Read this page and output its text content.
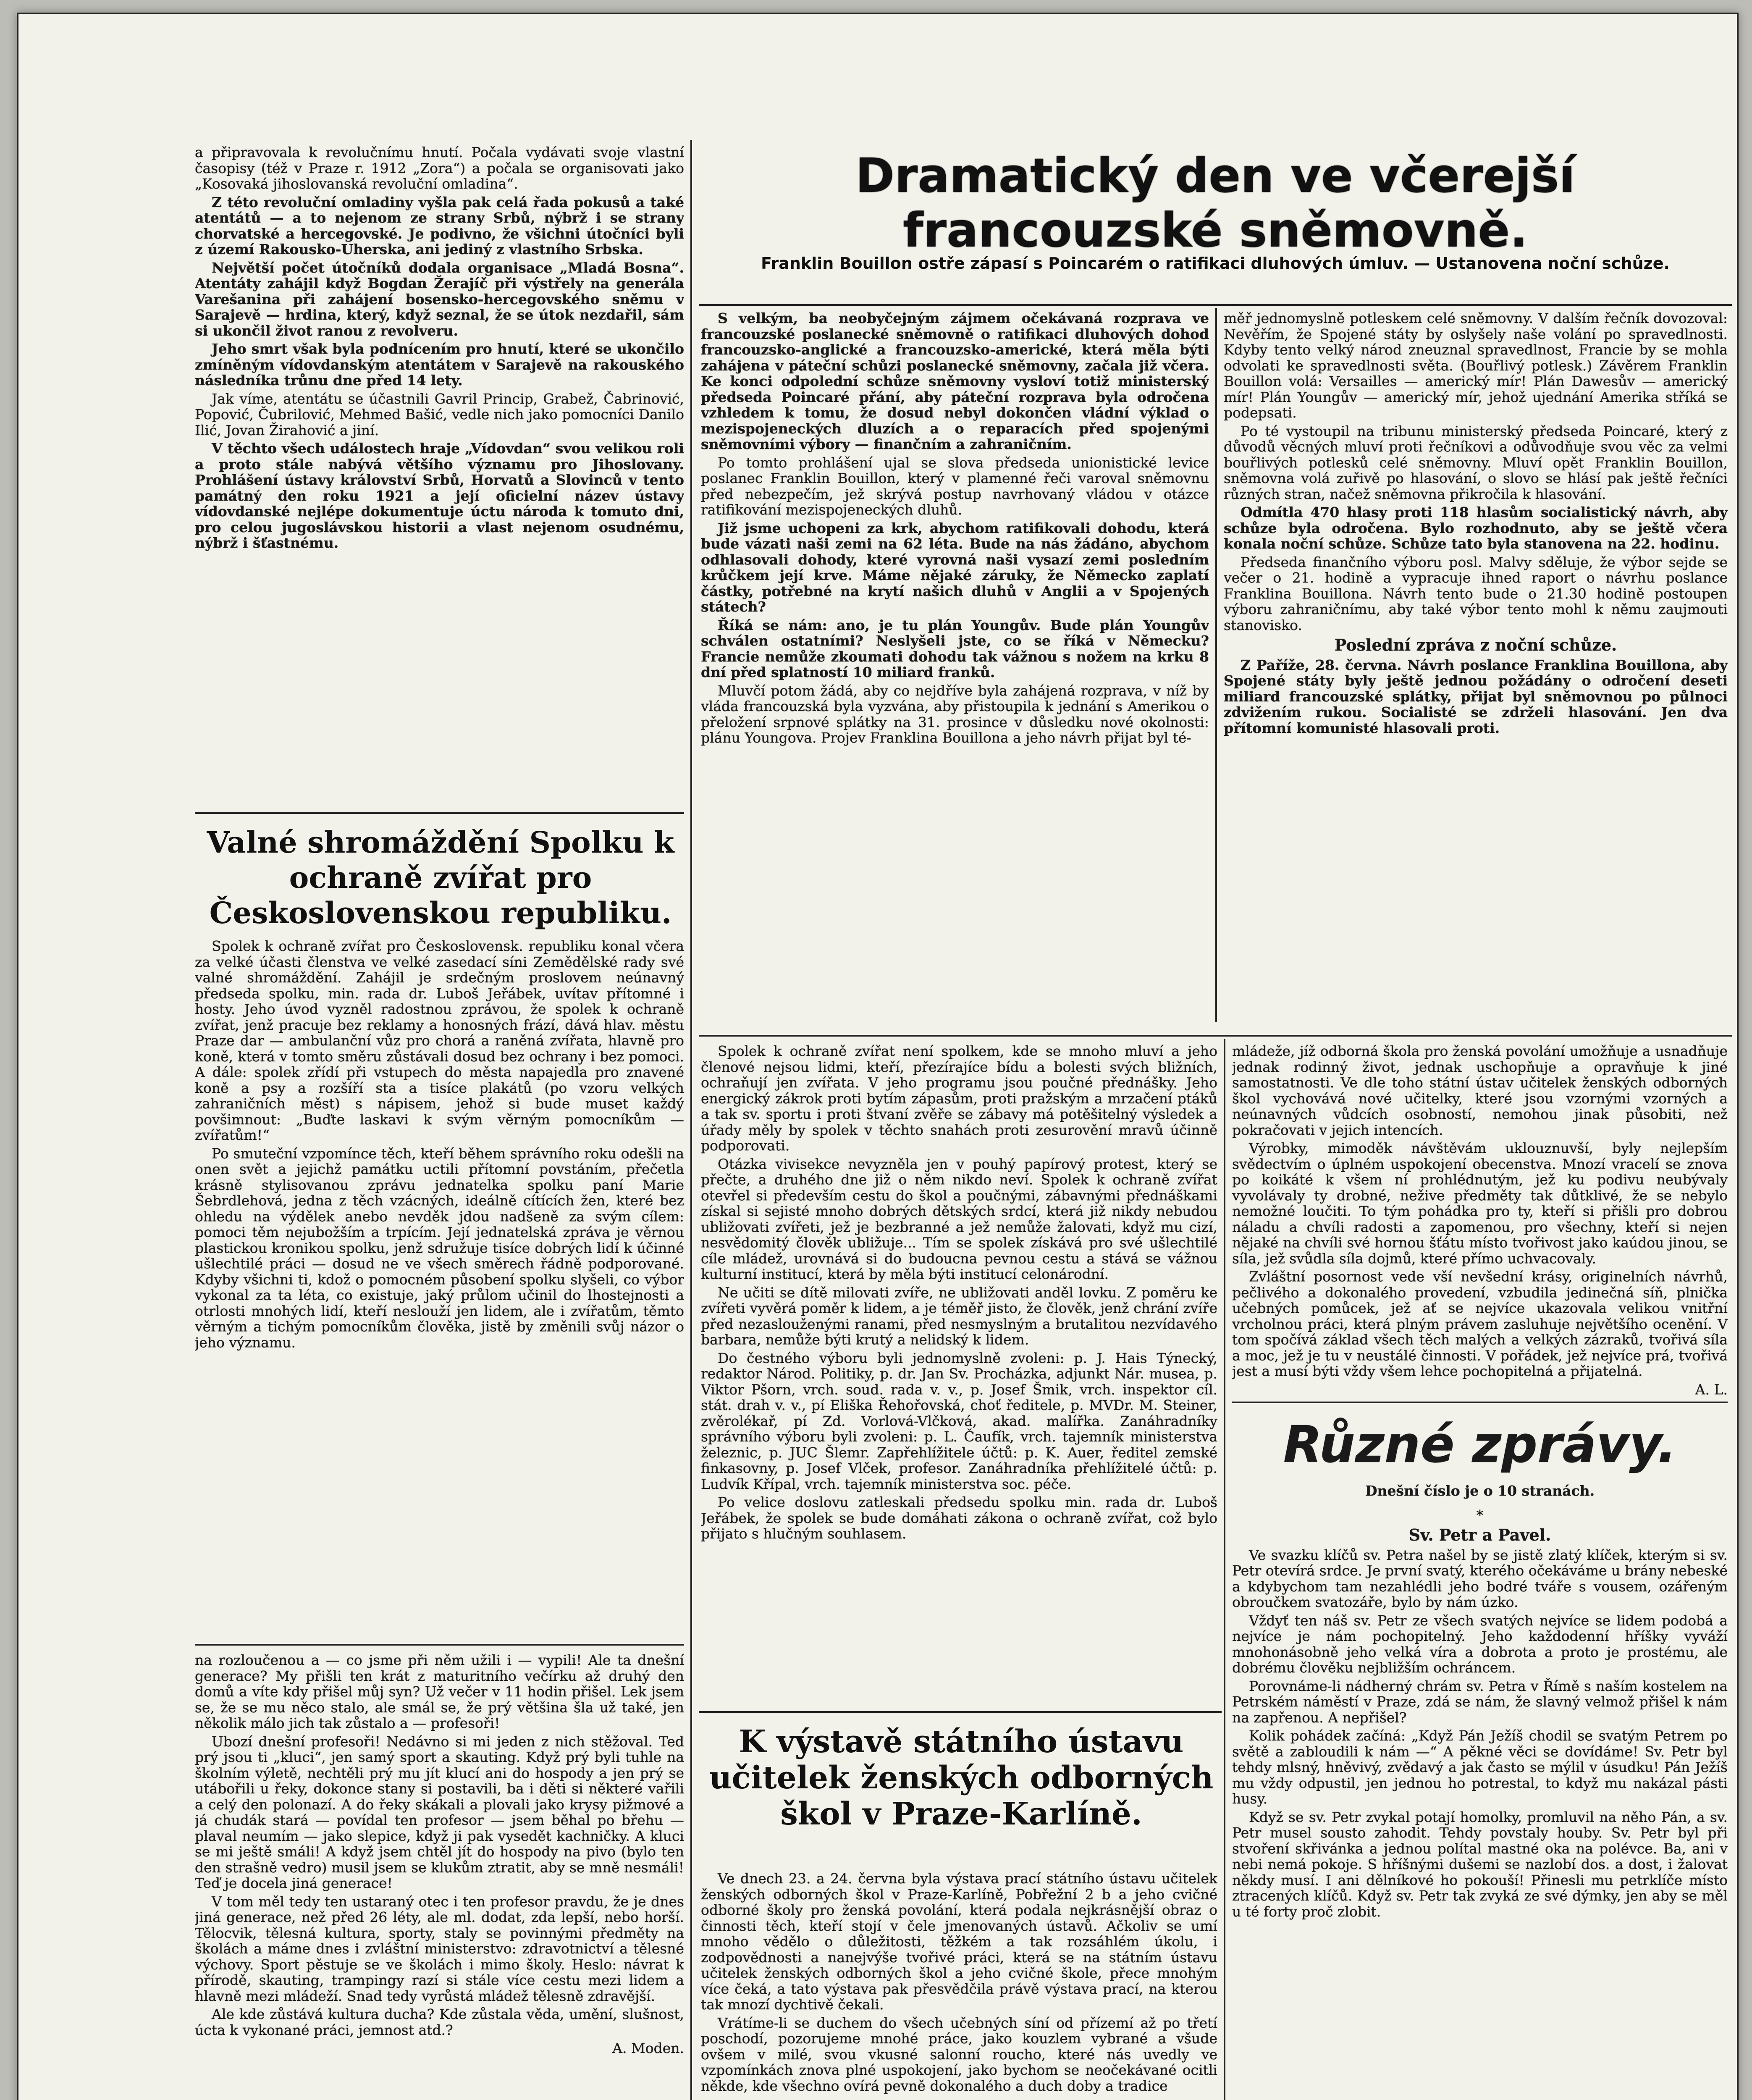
a připravovala k revolučnímu hnutí. Počala vydávati svoje vlastní časopisy (též v Praze r. 1912 „Zora“) a počala se organisovati jako „Kosovaká jihoslovanská revoluční omladina“.

Z této revoluční omladiny vyšla pak celá řada pokusů a také atentátů — a to nejenom ze strany Srbů, nýbrž i se strany chorvatské a hercegovské. Je podivno, že všichni útočníci byli z území Rakousko-Uherska, ani jediný z vlastního Srbska.

Největší počet útočníků dodala organisace „Mladá Bosna“. Atentáty zahájil když Bogdan Žerajíč při výstřely na generála Varešanina při zahájení bosensko-hercegovského sněmu v Sarajevě — hrdina, který, když seznal, že se útok nezdařil, sám si ukončil život ranou z revolveru.

Jeho smrt však byla podnícením pro hnutí, které se ukončilo zmíněným vídovdanským atentátem v Sarajevě na rakouského následníka trůnu dne před 14 lety.

Jak víme, atentátu se účastnili Gavril Princip, Grabež, Čabrinović, Popović, Čubrilović, Mehmed Bašić, vedle nich jako pomocníci Danilo Ilić, Jovan Žirahović a jiní.

V těchto všech událostech hraje „Vídovdan“ svou velikou roli a proto stále nabývá většího významu pro Jihoslovany. Prohlášení ústavy království Srbů, Horvatů a Slovinců v tento památný den roku 1921 a její oficielní název ústavy vídovdanské nejlépe dokumentuje úctu národa k tomuto dni, pro celou jugoslávskou historii a vlast nejenom osudnému, nýbrž i šťastnému.

Valné shromáždění Spolku k ochraně zvířat pro Československou republiku.

Spolek k ochraně zvířat pro Československ. republiku konal včera za velké účasti členstva ve velké zasedací síni Zemědělské rady své valné shromáždění. Zahájil je srdečným proslovem neúnavný předseda spolku, min. rada dr. Luboš Jeřábek, uvítav přítomné i hosty. Jeho úvod vyzněl radostnou zprávou, že spolek k ochraně zvířat, jenž pracuje bez reklamy a honosných frází, dává hlav. městu Praze dar — ambulanční vůz pro chorá a raněná zvířata, hlavně pro koně, která v tomto směru zůstávali dosud bez ochrany i bez pomoci. A dále: spolek zřídí při vstupech do města napajedla pro znavené koně a psy a rozšíří sta a tisíce plakátů (po vzoru velkých zahraničních měst) s nápisem, jehož si bude muset každý povšimnout: „Buďte laskavi k svým věrným pomocníkům — zvířatům!“

Po smuteční vzpomínce těch, kteří během správního roku odešli na onen svět a jejichž památku uctili přítomní povstáním, přečetla krásně stylisovanou zprávu jednatelka spolku paní Marie Šebrdlehová, jedna z těch vzácných, ideálně cítících žen, které bez ohledu na výdělek anebo nevděk jdou nadšeně za svým cílem: pomoci těm nejubožším a trpícím. Její jednatelská zpráva je věrnou plastickou kronikou spolku, jenž sdružuje tisíce dobrých lidí k účinné ušlechtilé práci — dosud ne ve všech směrech řádně podporované. Kdyby všichni ti, kdož o pomocném působení spolku slyšeli, co výbor vykonal za ta léta, co existuje, jaký průlom učinil do lhostejnosti a otrlosti mnohých lidí, kteří neslouží jen lidem, ale i zvířatům, těmto věrným a tichým pomocníkům člověka, jistě by změnili svůj názor o jeho významu.

na rozloučenou a — co jsme při něm užili i — vypili! Ale ta dnešní generace? My přišli ten krát z maturitního večírku až druhý den domů a víte kdy přišel můj syn? Už večer v 11 hodin přišel. Lek jsem se, že se mu něco stalo, ale smál se, že prý většina šla už také, jen několik málo jich tak zůstalo a — profesoři!

Ubozí dnešní profesoři! Nedávno si mi jeden z nich stěžoval. Teď prý jsou ti „kluci“, jen samý sport a skauting. Když prý byli tuhle na školním výletě, nechtěli prý mu jít klucí ani do hospody a jen prý se utábořili u řeky, dokonce stany si postavili, ba i děti si některé vařili a celý den polonazí. A do řeky skákali a plovali jako krysy pižmové a já chudák stará — povídal ten profesor — jsem běhal po břehu — plaval neumím — jako slepice, když ji pak vysedět kachničky. A kluci se mi ještě smáli! A když jsem chtěl jít do hospody na pivo (bylo ten den strašně vedro) musil jsem se klukům ztratit, aby se mně nesmáli! Teď je docela jiná generace!

V tom měl tedy ten ustaraný otec i ten profesor pravdu, že je dnes jiná generace, než před 26 léty, ale ml. dodat, zda lepší, nebo horší. Tělocvik, tělesná kultura, sporty, staly se povinnými předměty na školách a máme dnes i zvláštní ministerstvo: zdravotnictví a tělesné výchovy. Sport pěstuje se ve školách i mimo školy. Heslo: návrat k přírodě, skauting, trampingy razí si stále více cestu mezi lidem a hlavně mezi mládeží. Snad tedy vyrůstá mládež tělesně zdravější.

Ale kde zůstává kultura ducha? Kde zůstala věda, umění, slušnost, úcta k vykonané práci, jemnost atd.?

A. Moden.

Dramatický den ve včerejší francouzské sněmovně.
Franklin Bouillon ostře zápasí s Poincarém o ratifikaci dluhových úmluv. — Ustanovena noční schůze.

S velkým, ba neobyčejným zájmem očekávaná rozprava ve francouzské poslanecké sněmovně o ratifikaci dluhových dohod francouzsko-anglické a francouzsko-americké, která měla býti zahájena v páteční schůzi poslanecké sněmovny, začala již včera. Ke konci odpolední schůze sněmovny vysloví totiž ministerský předseda Poincaré přání, aby páteční rozprava byla odročena vzhledem k tomu, že dosud nebyl dokončen vládní výklad o mezispojeneckých dluzích a o reparacích před spojenými sněmovními výbory — finančním a zahraničním.

Po tomto prohlášení ujal se slova předseda unionistické levice poslanec Franklin Bouillon, který v plamenné řeči varoval sněmovnu před nebezpečím, jež skrývá postup navrhovaný vládou v otázce ratifikování mezispojeneckých dluhů.

Již jsme uchopeni za krk, abychom ratifikovali dohodu, která bude vázati naši zemi na 62 léta. Bude na nás žádáno, abychom odhlasovali dohody, které vyrovná naši vysazí zemi posledním krůčkem její krve. Máme nějaké záruky, že Německo zaplatí částky, potřebné na krytí našich dluhů v Anglii a v Spojených státech?

Říká se nám: ano, je tu plán Youngův. Bude plán Youngův schválen ostatními? Neslyšeli jste, co se říká v Německu? Francie nemůže zkoumati dohodu tak vážnou s nožem na krku 8 dní před splatností 10 miliard franků.

Mluvčí potom žádá, aby co nejdříve byla zahájená rozprava, v níž by vláda francouzská byla vyzvána, aby přistoupila k jednání s Amerikou o přeložení srpnové splátky na 31. prosince v důsledku nové okolnosti: plánu Youngova. Projev Franklina Bouillona a jeho návrh přijat byl té-

měř jednomyslně potleskem celé sněmovny. V dalším řečník dovozoval: Nevěřím, že Spojené státy by oslyšely naše volání po spravedlnosti. Kdyby tento velký národ zneuznal spravedlnost, Francie by se mohla odvolati ke spravedlnosti světa. (Bouřlivý potlesk.) Závěrem Franklin Bouillon volá: Versailles — americký mír! Plán Dawesův — americký mír! Plán Youngův — americký mír, jehož ujednání Amerika stříká se podepsati.

Po té vystoupil na tribunu ministerský předseda Poincaré, který z důvodů věcných mluví proti řečníkovi a odůvodňuje svou věc za velmi bouřlivých potlesků celé sněmovny. Mluví opět Franklin Bouillon, sněmovna volá zuřivě po hlasování, o slovo se hlásí pak ještě řečníci různých stran, načež sněmovna přikročila k hlasování.

Odmítla 470 hlasy proti 118 hlasům socialistický návrh, aby schůze byla odročena. Bylo rozhodnuto, aby se ještě včera konala noční schůze. Schůze tato byla stanovena na 22. hodinu.

Předseda finančního výboru posl. Malvy sděluje, že výbor sejde se večer o 21. hodině a vypracuje ihned raport o návrhu poslance Franklina Bouillona. Návrh tento bude o 21.30 hodině postoupen výboru zahraničnímu, aby také výbor tento mohl k němu zaujmouti stanovisko.

Poslední zpráva z noční schůze.

Z Paříže, 28. června. Návrh poslance Franklina Bouillona, aby Spojené státy byly ještě jednou požádány o odročení deseti miliard francouzské splátky, přijat byl sněmovnou po půlnoci zdvižením rukou. Socialisté se zdrželi hlasování. Jen dva přítomní komunisté hlasovali proti.

Spolek k ochraně zvířat není spolkem, kde se mnoho mluví a jeho členové nejsou lidmi, kteří, přezírajíce bídu a bolesti svých bližních, ochraňují jen zvířata. V jeho programu jsou poučné přednášky. Jeho energický zákrok proti bytím zápasům, proti pražským a mrzačení ptáků a tak sv. sportu i proti štvaní zvěře se zábavy má potěšitelný výsledek a úřady měly by spolek v těchto snahách proti zesurovění mravů účinně podporovati.

Otázka vivisekce nevyzněla jen v pouhý papírový protest, který se přečte, a druhého dne již o něm nikdo neví. Spolek k ochraně zvířat otevřel si především cestu do škol a poučnými, zábavnými přednáškami získal si sejisté mnoho dobrých dětských srdcí, která již nikdy nebudou ubližovati zvířeti, jež je bezbranné a jež nemůže žalovati, když mu cizí, nesvědomitý člověk ubližuje... Tím se spolek získává pro své ušlechtilé cíle mládež, urovnává si do budoucna pevnou cestu a stává se vážnou kulturní institucí, která by měla býti institucí celonárodní.

Ne učiti se dítě milovati zvíře, ne ubližovati anděl lovku. Z poměru ke zvířeti vyvěrá poměr k lidem, a je téměř jisto, že člověk, jenž chrání zvíře před nezaslouženými ranami, před nesmyslným a brutalitou nezvídavého barbara, nemůže býti krutý a nelidský k lidem.

Do čestného výboru byli jednomyslně zvoleni: p. J. Hais Týnecký, redaktor Národ. Politiky, p. dr. Jan Sv. Procházka, adjunkt Nár. musea, p. Viktor Pšorn, vrch. soud. rada v. v., p. Josef Šmik, vrch. inspektor cíl. stát. drah v. v., pí Eliška Řehořovská, choť ředitele, p. MVDr. M. Steiner, zvěrolékař, pí Zd. Vorlová-Vlčková, akad. malířka. Zanáhradníky správního výboru byli zvoleni: p. L. Čaufík, vrch. tajemník ministerstva železnic, p. JUC Šlemr. Zapřehlížitele účtů: p. K. Auer, ředitel zemské finkasovny, p. Josef Vlček, profesor. Zanáhradníka přehlížitelé účtů: p. Ludvík Křípal, vrch. tajemník ministerstva soc. péče.

Po velice doslovu zatleskali předsedu spolku min. rada dr. Luboš Jeřábek, že spolek se bude domáhati zákona o ochraně zvířat, což bylo přijato s hlučným souhlasem.

K výstavě státního ústavu učitelek ženských odborných škol v Praze-Karlíně.

Ve dnech 23. a 24. června byla výstava prací státního ústavu učitelek ženských odborných škol v Praze-Karlíně, Pobřežní 2 b a jeho cvičné odborné školy pro ženská povolání, která podala nejkrásnější obraz o činnosti těch, kteří stojí v čele jmenovaných ústavů. Ačkoliv se umí mnoho vědělo o důležitosti, těžkém a tak rozsáhlém úkolu, i zodpovědnosti a nanejvýše tvořivé práci, která se na státním ústavu učitelek ženských odborných škol a jeho cvičné škole, přece mnohým více čeká, a tato výstava pak přesvědčila právě výstava prací, na kterou tak mnozí dychtivě čekali.

Vrátíme-li se duchem do všech učebných síní od přízemí až po třetí poschodí, pozorujeme mnohé práce, jako kouzlem vybrané a všude ovšem v milé, svou vkusné salonní roucho, které nás uvedly ve vzpomínkách znova plné uspokojení, jako bychom se neočekávané ocitli někde, kde všechno ovírá pevně dokonalého a duch doby a tradice

mládeže, jíž odborná škola pro ženská povolání umožňuje a usnadňuje jednak rodinný život, jednak uschopňuje a opravňuje k jiné samostatnosti. Ve dle toho státní ústav učitelek ženských odborných škol vychovává nové učitelky, které jsou vzornými vzorných a neúnavných vůdcích osobností, nemohou jinak působiti, než pokračovati v jejich intencích.

Výrobky, mimoděk návštěvám uklouznuvší, byly nejlepším svědectvím o úplném uspokojení obecenstva. Mnozí vracelí se znova po koikáté k všem ní prohlédnutým, jež ku podivu neubývaly vyvolávaly ty drobné, nežive předměty tak důtklivé, že se nebylo nemožné loučiti. To tým pohádka pro ty, kteří si přišli pro dobrou náladu a chvíli radosti a zapomenou, pro všechny, kteří si nejen nějaké na chvíli své hornou šťátu místo tvořivost jako kaúdou jinou, se síla, jež svůdla síla dojmů, které přímo uchvacovaly.

Zvláštní posornost vede vší nevšední krásy, originelních návrhů, pečlivého a dokonalého provedení, vzbudila jedinečná síň, plnička učebných pomůcek, jež ať se nejvíce ukazovala velikou vnitřní vrcholnou práci, která plným právem zasluhuje největšího ocenění. V tom spočívá základ všech těch malých a velkých zázraků, tvořivá síla a moc, jež je tu v neustálé činnosti. V pořádek, jež nejvíce prá, tvořivá jest a musí býti vždy všem lehce pochopitelná a přijatelná.

A. L.

Různé zprávy.

Dnešní číslo je o 10 stranách.

*

Sv. Petr a Pavel.

Ve svazku klíčů sv. Petra našel by se jistě zlatý klíček, kterým si sv. Petr otevírá srdce. Je první svatý, kterého očekáváme u brány nebeské a kdybychom tam nezahlédli jeho bodré tváře s vousem, ozářeným obroučkem svatozáře, bylo by nám úzko.

Vždyť ten náš sv. Petr ze všech svatých nejvíce se lidem podobá a nejvíce je nám pochopitelný. Jeho každodenní hříšky vyváží mnohonásobně jeho velká víra a dobrota a proto je prostému, ale dobrému člověku nejbližším ochráncem.

Porovnáme-li nádherný chrám sv. Petra v Římě s naším kostelem na Petrském náměstí v Praze, zdá se nám, že slavný velmož přišel k nám na zapřenou. A nepřišel?

Kolik pohádek začíná: „Když Pán Ježíš chodil se svatým Petrem po světě a zabloudili k nám —“ A pěkné věci se dovídáme! Sv. Petr byl tehdy mlsný, hněvivý, zvědavý a jak často se mýlil v úsudku! Pán Ježíš mu vždy odpustil, jen jednou ho potrestal, to když mu nakázal pásti husy.

Když se sv. Petr zvykal potají homolky, promluvil na něho Pán, a sv. Petr musel sousto zahodit. Tehdy povstaly houby. Sv. Petr byl při stvoření skřivánka a jednou polítal mastné oka na polévce. Ba, ani v nebi nemá pokoje. S hříšnými dušemi se nazlobí dos. a dost, i žalovat někdy musí. I ani dělníkové ho pokouší! Přinesli mu petrklíče místo ztracených klíčů. Když sv. Petr tak zvyká ze své dýmky, jen aby se měl u té forty proč zlobit.
